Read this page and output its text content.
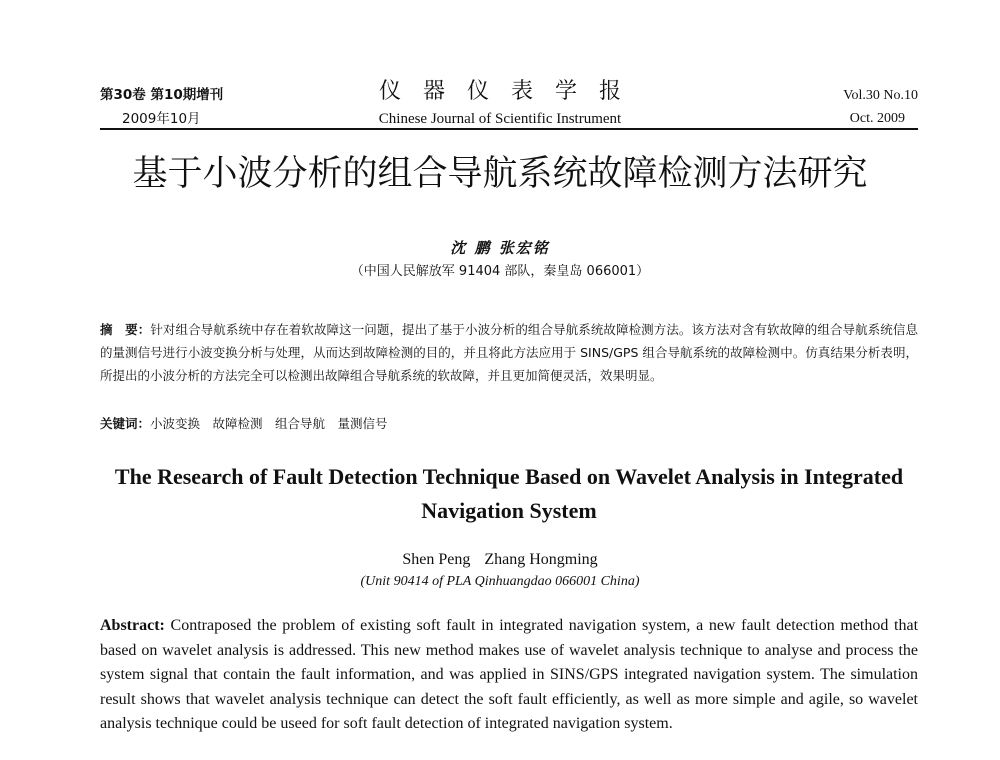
第30卷 第10期增刊
2009年10月
仪器仪表学报
Chinese Journal of Scientific Instrument
Vol.30 No.10
Oct. 2009
基于小波分析的组合导航系统故障检测方法研究
沈 鹏 张宏铭
（中国人民解放军 91404 部队，秦皇岛 066001）
摘　要：针对组合导航系统中存在着软故障这一问题，提出了基于小波分析的组合导航系统故障检测方法。该方法对含有软故障的组合导航系统信息的量测信号进行小波变换分析与处理，从而达到故障检测的目的，并且将此方法应用于 SINS/GPS 组合导航系统的故障检测中。仿真结果分析表明，所提出的小波分析的方法完全可以检测出故障组合导航系统的软故障，并且更加简便灵活，效果明显。
关键词：小波变换　故障检测　组合导航　量测信号
The Research of Fault Detection Technique Based on Wavelet Analysis in Integrated Navigation System
Shen Peng Zhang Hongming
(Unit 90414 of PLA Qinhuangdao 066001 China)
Abstract: Contraposed the problem of existing soft fault in integrated navigation system, a new fault detection method that based on wavelet analysis is addressed. This new method makes use of wavelet analysis technique to analyse and process the system signal that contain the fault information, and was applied in SINS/GPS integrated navigation system. The simulation result shows that wavelet analysis technique can detect the soft fault efficiently, as well as more simple and agile, so wavelet analysis technique could be useed for soft fault detection of integrated navigation system.
